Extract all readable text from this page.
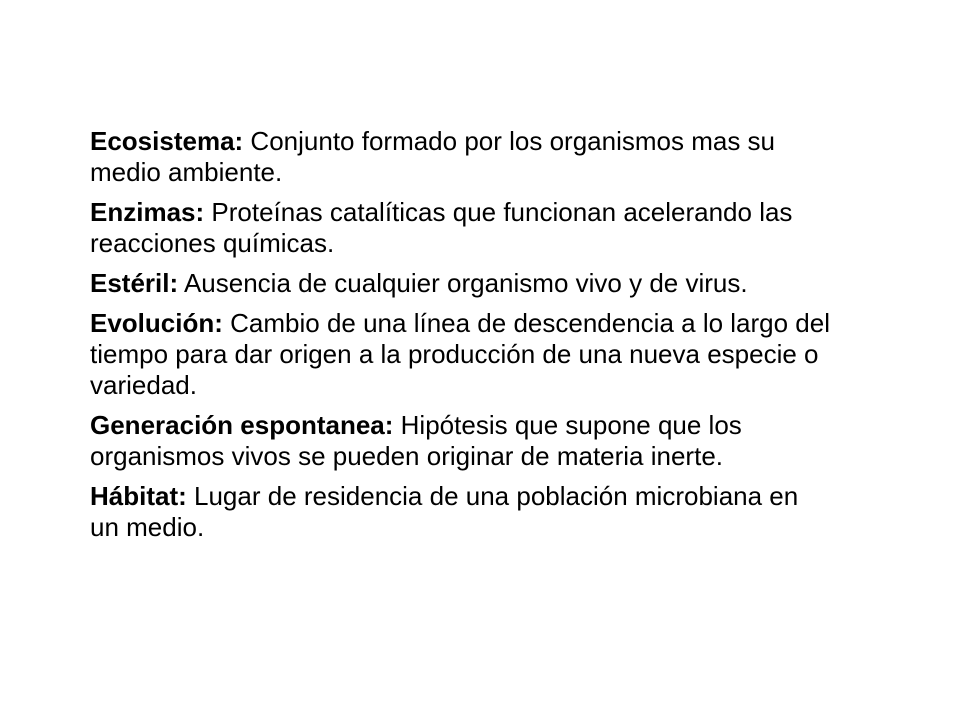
Ecosistema: Conjunto formado por los organismos mas su medio ambiente.
Enzimas: Proteínas catalíticas que funcionan acelerando las reacciones químicas.
Estéril: Ausencia de cualquier organismo vivo y de virus.
Evolución: Cambio de una línea de descendencia a lo largo del tiempo para dar origen a la producción de una nueva especie o variedad.
Generación espontanea: Hipótesis que supone que los organismos vivos se pueden originar de materia inerte.
Hábitat: Lugar de residencia de una población microbiana en un medio.
